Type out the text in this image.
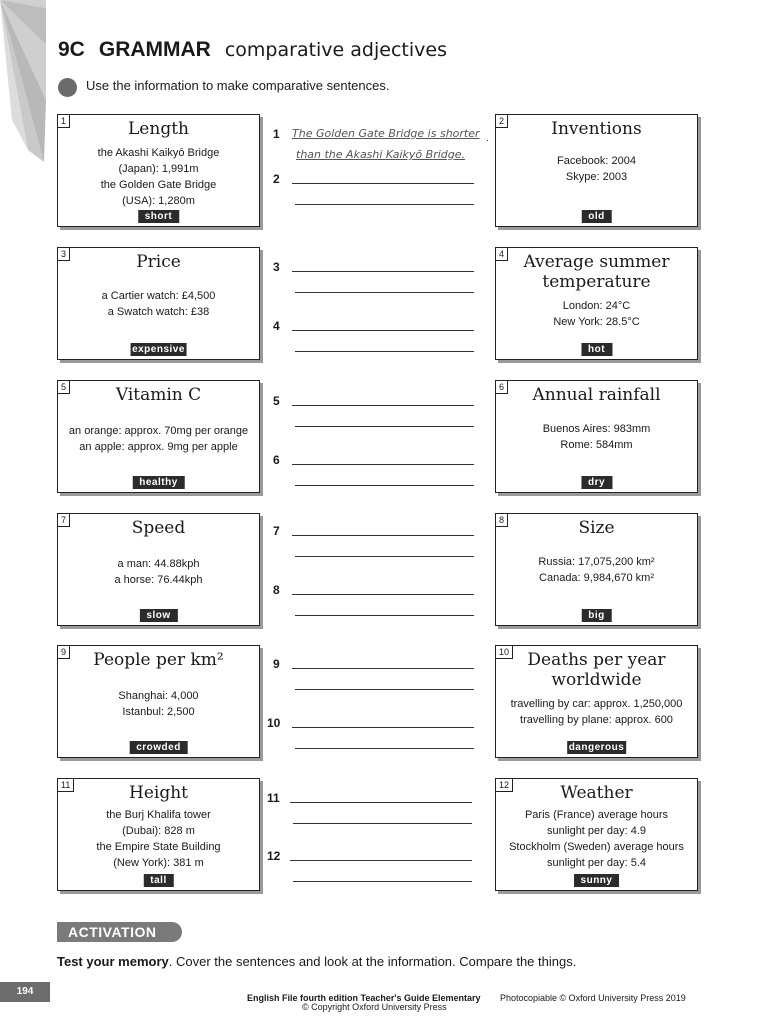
9C GRAMMAR comparative adjectives
Use the information to make comparative sentences.
1	Length
the Akashi Kaikyō Bridge
(Japan): 1,991m
the Golden Gate Bridge
(USA): 1,280m
short
2	Inventions
Facebook: 2004
Skype: 2003
old
3	Price
a Cartier watch: £4,500
a Swatch watch: £38
expensive
4	Average summer temperature
London: 24°C
New York: 28.5°C
hot
5	Vitamin C
an orange: approx. 70mg per orange
an apple: approx. 9mg per apple
healthy
6	Annual rainfall
Buenos Aires: 983mm
Rome: 584mm
dry
7	Speed
a man: 44.88kph
a horse: 76.44kph
slow
8	Size
Russia: 17,075,200 km²
Canada: 9,984,670 km²
big
9	People per km²
Shanghai: 4,000
Istanbul: 2,500
crowded
10	Deaths per year worldwide
travelling by car: approx. 1,250,000
travelling by plane: approx. 600
dangerous
11	Height
the Burj Khalifa tower
(Dubai): 828 m
the Empire State Building
(New York): 381 m
tall
12	Weather
Paris (France) average hours
sunlight per day: 4.9
Stockholm (Sweden) average hours
sunlight per day: 5.4
sunny
The Golden Gate Bridge is shorter
than the Akashi Kaikyō Bridge.
1
2
3
4
5
6
7
8
9
10
11
12
ACTIVATION
Test your memory. Cover the sentences and look at the information. Compare the things.
194
English File fourth edition Teacher's Guide Elementary Photocopiable © Oxford University Press 2019
© Copyright Oxford University Press
